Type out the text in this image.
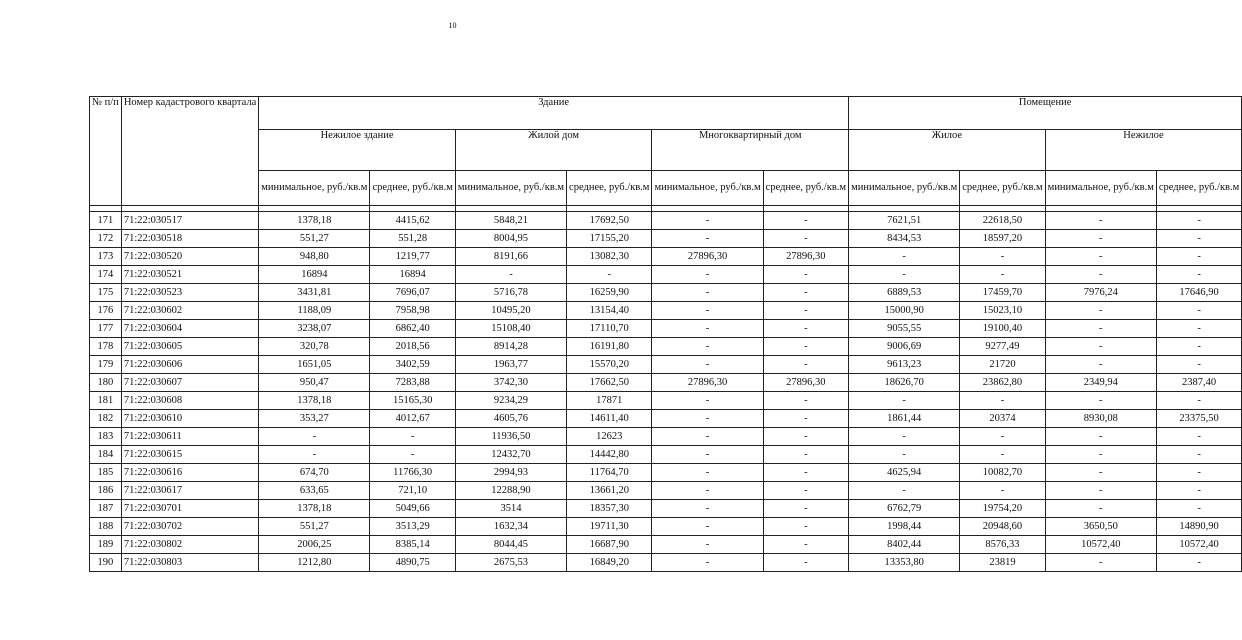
10
№ п/п	Номер кадастрового квартала	Здание						Помещение			
		Нежилое здание		Жилой дом		Многоквартирный дом		Жилое		Нежилое	
		минимальное, руб./кв.м	среднее, руб./кв.м	минимальное, руб./кв.м	среднее, руб./кв.м	минимальное, руб./кв.м	среднее, руб./кв.м	минимальное, руб./кв.м	среднее, руб./кв.м	минимальное, руб./кв.м	среднее, руб./кв.м

171	71:22:030517	1378,18	4415,62	5848,21	17692,50	-	-	7621,51	22618,50	-	-
172	71:22:030518	551,27	551,28	8004,95	17155,20	-	-	8434,53	18597,20	-	-
173	71:22:030520	948,80	1219,77	8191,66	13082,30	27896,30	27896,30	-	-	-	-
174	71:22:030521	16894	16894	-	-	-	-	-	-	-	-
175	71:22:030523	3431,81	7696,07	5716,78	16259,90	-	-	6889,53	17459,70	7976,24	17646,90
176	71:22:030602	1188,09	7958,98	10495,20	13154,40	-	-	15000,90	15023,10	-	-
177	71:22:030604	3238,07	6862,40	15108,40	17110,70	-	-	9055,55	19100,40	-	-
178	71:22:030605	320,78	2018,56	8914,28	16191,80	-	-	9006,69	9277,49	-	-
179	71:22:030606	1651,05	3402,59	1963,77	15570,20	-	-	9613,23	21720	-	-
180	71:22:030607	950,47	7283,88	3742,30	17662,50	27896,30	27896,30	18626,70	23862,80	2349,94	2387,40
181	71:22:030608	1378,18	15165,30	9234,29	17871	-	-	-	-	-	-
182	71:22:030610	353,27	4012,67	4605,76	14611,40	-	-	1861,44	20374	8930,08	23375,50
183	71:22:030611	-	-	11936,50	12623	-	-	-	-	-	-
184	71:22:030615	-	-	12432,70	14442,80	-	-	-	-	-	-
185	71:22:030616	674,70	11766,30	2994,93	11764,70	-	-	4625,94	10082,70	-	-
186	71:22:030617	633,65	721,10	12288,90	13661,20	-	-	-	-	-	-
187	71:22:030701	1378,18	5049,66	3514	18357,30	-	-	6762,79	19754,20	-	-
188	71:22:030702	551,27	3513,29	1632,34	19711,30	-	-	1998,44	20948,60	3650,50	14890,90
189	71:22:030802	2006,25	8385,14	8044,45	16687,90	-	-	8402,44	8576,33	10572,40	10572,40
190	71:22:030803	1212,80	4890,75	2675,53	16849,20	-	-	13353,80	23819	-	-
